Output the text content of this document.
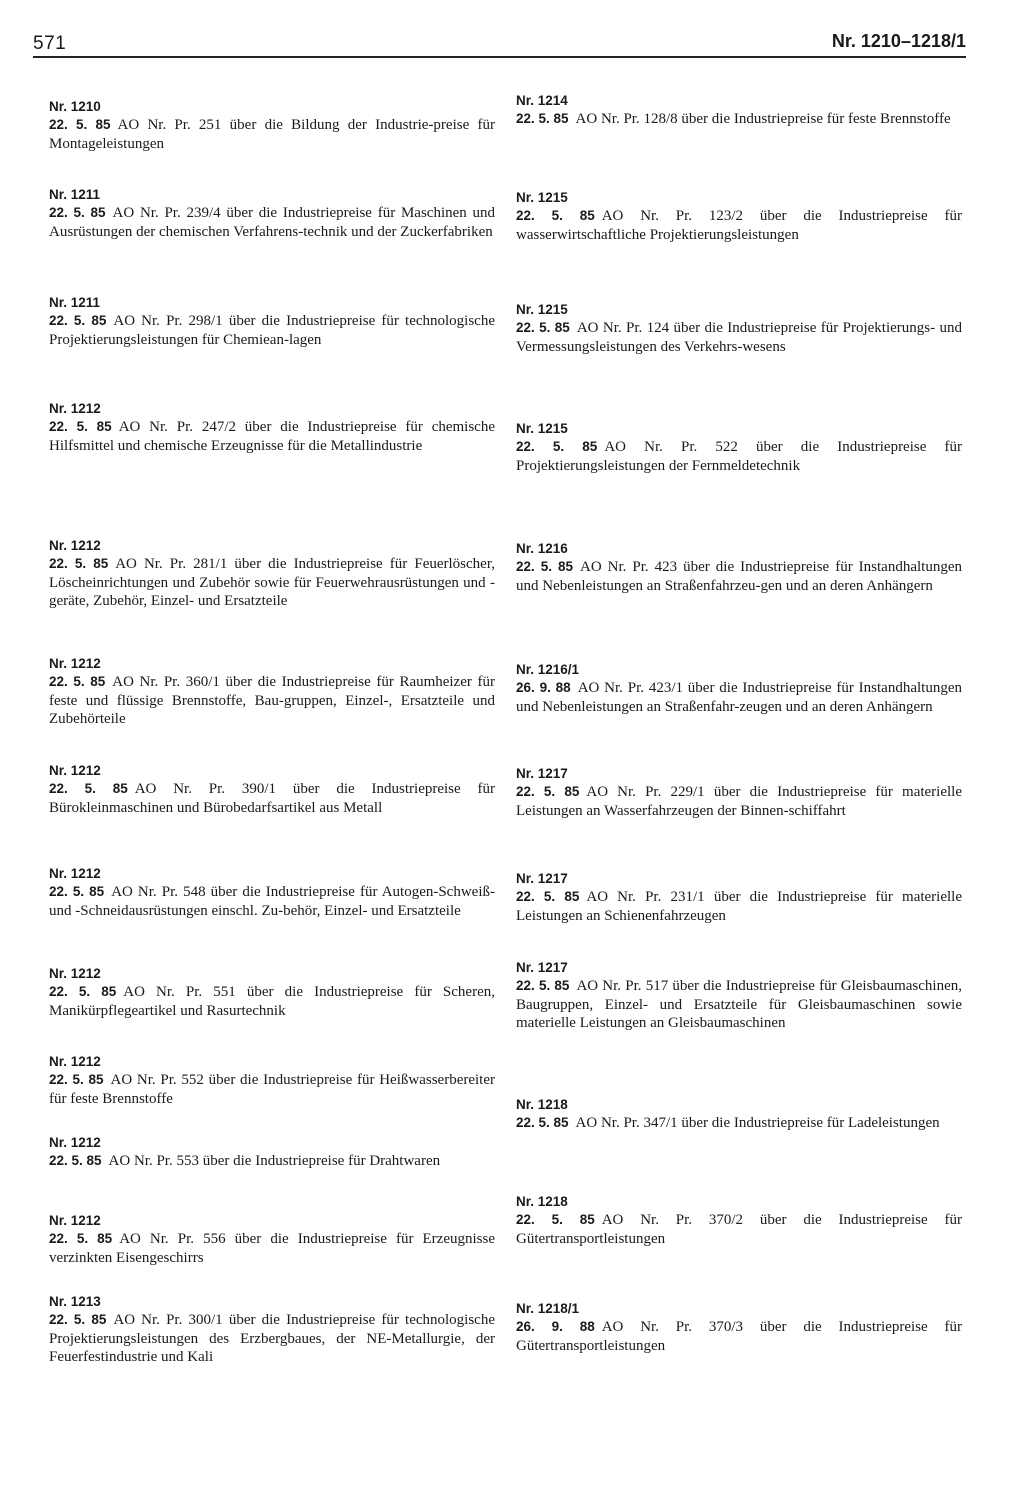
571	Nr. 1210–1218/1
Nr. 1210

22. 5. 85 AO Nr. Pr. 251 über die Bildung der Industrie-preise für Montageleistungen

Nr. 1211

22. 5. 85 AO Nr. Pr. 239/4 über die Industriepreise für Maschinen und Ausrüstungen der chemischen Verfahrens-technik und der Zuckerfabriken

Nr. 1211

22. 5. 85 AO Nr. Pr. 298/1 über die Industriepreise für technologische Projektierungsleistungen für Chemiean-lagen

Nr. 1212

22. 5. 85 AO Nr. Pr. 247/2 über die Industriepreise für chemische Hilfsmittel und chemische Erzeugnisse für die Metallindustrie

Nr. 1212

22. 5. 85 AO Nr. Pr. 281/1 über die Industriepreise für Feuerlöscher, Löscheinrichtungen und Zubehör sowie für Feuerwehrausrüstungen und -geräte, Zubehör, Einzel- und Ersatzteile

Nr. 1212

22. 5. 85 AO Nr. Pr. 360/1 über die Industriepreise für Raumheizer für feste und flüssige Brennstoffe, Bau-gruppen, Einzel-, Ersatzteile und Zubehörteile

Nr. 1212

22. 5. 85 AO Nr. Pr. 390/1 über die Industriepreise für Bürokleinmaschinen und Bürobedarfsartikel aus Metall

Nr. 1212

22. 5. 85 AO Nr. Pr. 548 über die Industriepreise für Autogen-Schweiß- und -Schneidausrüstungen einschl. Zu-behör, Einzel- und Ersatzteile

Nr. 1212

22. 5. 85 AO Nr. Pr. 551 über die Industriepreise für Scheren, Manikürpflegeartikel und Rasurtechnik

Nr. 1212

22. 5. 85 AO Nr. Pr. 552 über die Industriepreise für Heißwasserbereiter für feste Brennstoffe

Nr. 1212

22. 5. 85 AO Nr. Pr. 553 über die Industriepreise für Drahtwaren

Nr. 1212

22. 5. 85 AO Nr. Pr. 556 über die Industriepreise für Erzeugnisse verzinkten Eisengeschirrs

Nr. 1213

22. 5. 85 AO Nr. Pr. 300/1 über die Industriepreise für technologische Projektierungsleistungen des Erzbergbaues, der NE-Metallurgie, der Feuerfestindustrie und Kali

Nr. 1214

22. 5. 85 AO Nr. Pr. 128/8 über die Industriepreise für feste Brennstoffe

Nr. 1215

22. 5. 85 AO Nr. Pr. 123/2 über die Industriepreise für wasserwirtschaftliche Projektierungsleistungen

Nr. 1215

22. 5. 85 AO Nr. Pr. 124 über die Industriepreise für Projektierungs- und Vermessungsleistungen des Verkehrs-wesens

Nr. 1215

22. 5. 85 AO Nr. Pr. 522 über die Industriepreise für Projektierungsleistungen der Fernmeldetechnik

Nr. 1216

22. 5. 85 AO Nr. Pr. 423 über die Industriepreise für Instandhaltungen und Nebenleistungen an Straßenfahrzeu-gen und an deren Anhängern

Nr. 1216/1

26. 9. 88 AO Nr. Pr. 423/1 über die Industriepreise für Instandhaltungen und Nebenleistungen an Straßenfahr-zeugen und an deren Anhängern

Nr. 1217

22. 5. 85 AO Nr. Pr. 229/1 über die Industriepreise für materielle Leistungen an Wasserfahrzeugen der Binnen-schiffahrt

Nr. 1217

22. 5. 85 AO Nr. Pr. 231/1 über die Industriepreise für materielle Leistungen an Schienenfahrzeugen

Nr. 1217

22. 5. 85 AO Nr. Pr. 517 über die Industriepreise für Gleisbaumaschinen, Baugruppen, Einzel- und Ersatzteile für Gleisbaumaschinen sowie materielle Leistungen an Gleisbaumaschinen

Nr. 1218

22. 5. 85 AO Nr. Pr. 347/1 über die Industriepreise für Ladeleistungen

Nr. 1218

22. 5. 85 AO Nr. Pr. 370/2 über die Industriepreise für Gütertransportleistungen

Nr. 1218/1

26. 9. 88 AO Nr. Pr. 370/3 über die Industriepreise für Gütertransportleistungen
